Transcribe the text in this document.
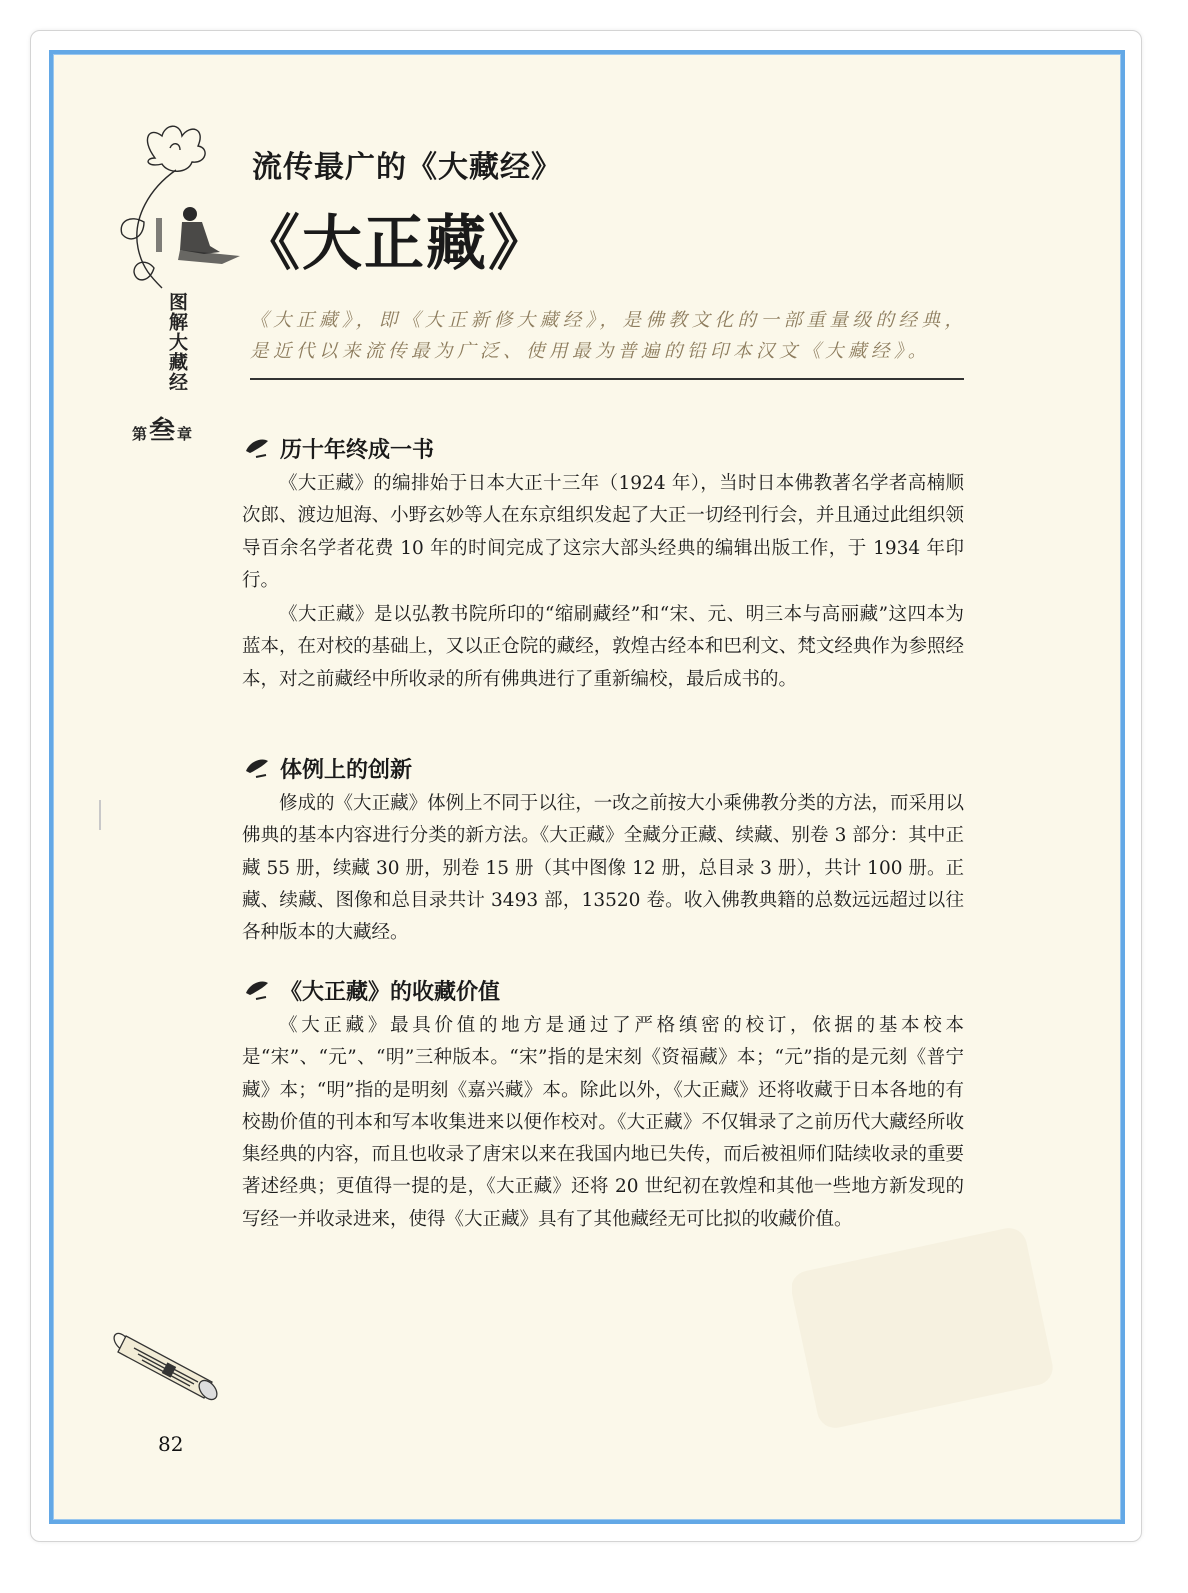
图解大藏经
第 叁 章
流传最广的《大藏经》
《大正藏》
《大正藏》，即《大正新修大藏经》，是佛教文化的一部重量级的经典，是近代以来流传最为广泛、使用最为普遍的铅印本汉文《大藏经》。
历十年终成一书

《大正藏》的编排始于日本大正十三年（1924 年），当时日本佛教著名学者高楠顺次郎、渡边旭海、小野玄妙等人在东京组织发起了大正一切经刊行会，并且通过此组织领导百余名学者花费 10 年的时间完成了这宗大部头经典的编辑出版工作，于 1934 年印行。

《大正藏》是以弘教书院所印的“缩刷藏经”和“宋、元、明三本与高丽藏”这四本为蓝本，在对校的基础上，又以正仓院的藏经，敦煌古经本和巴利文、梵文经典作为参照经本，对之前藏经中所收录的所有佛典进行了重新编校，最后成书的。

体例上的创新

修成的《大正藏》体例上不同于以往，一改之前按大小乘佛教分类的方法，而采用以佛典的基本内容进行分类的新方法。《大正藏》全藏分正藏、续藏、别卷 3 部分：其中正藏 55 册，续藏 30 册，别卷 15 册（其中图像 12 册，总目录 3 册），共计 100 册。正藏、续藏、图像和总目录共计 3493 部，13520 卷。收入佛教典籍的总数远远超过以往各种版本的大藏经。

《大正藏》的收藏价值

《大正藏》最具价值的地方是通过了严格缜密的校订，依据的基本校本是“宋”、“元”、“明”三种版本。“宋”指的是宋刻《资福藏》本；“元”指的是元刻《普宁藏》本；“明”指的是明刻《嘉兴藏》本。除此以外，《大正藏》还将收藏于日本各地的有校勘价值的刊本和写本收集进来以便作校对。《大正藏》不仅辑录了之前历代大藏经所收集经典的内容，而且也收录了唐宋以来在我国内地已失传，而后被祖师们陆续收录的重要著述经典；更值得一提的是，《大正藏》还将 20 世纪初在敦煌和其他一些地方新发现的写经一并收录进来，使得《大正藏》具有了其他藏经无可比拟的收藏价值。

82
